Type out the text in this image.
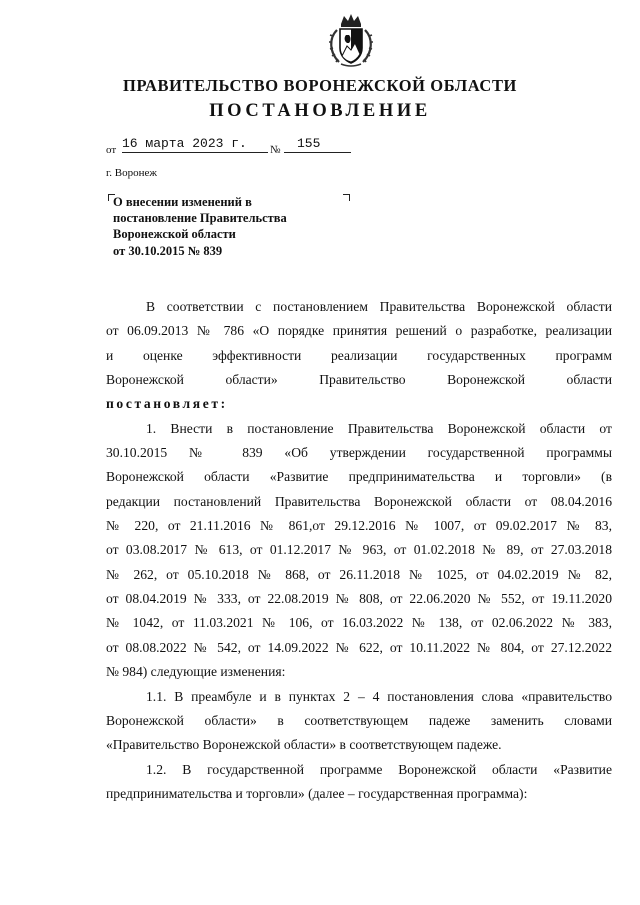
ПРАВИТЕЛЬСТВО ВОРОНЕЖСКОЙ ОБЛАСТИ
ПОСТАНОВЛЕНИЕ
от 16 марта 2023 г. № 155
г. Воронеж
О внесении изменений в
постановление Правительства
Воронежской области
от 30.10.2015 № 839

В соответствии с постановлением Правительства Воронежской области

от 06.09.2013 № 786 «О порядке принятия решений о разработке, реализации

и оценке эффективности реализации государственных программ

Воронежской области» Правительство Воронежской области

постановляет:

1. Внести в постановление Правительства Воронежской области от

30.10.2015 № 839 «Об утверждении государственной программы

Воронежской области «Развитие предпринимательства и торговли» (в

редакции постановлений Правительства Воронежской области от 08.04.2016

№ 220, от 21.11.2016 № 861,от 29.12.2016 № 1007, от 09.02.2017 № 83,

от 03.08.2017 № 613, от 01.12.2017 № 963, от 01.02.2018 № 89, от 27.03.2018

№ 262, от 05.10.2018 № 868, от 26.11.2018 № 1025, от 04.02.2019 № 82,

от 08.04.2019 № 333, от 22.08.2019 № 808, от 22.06.2020 № 552, от 19.11.2020

№ 1042, от 11.03.2021 № 106, от 16.03.2022 № 138, от 02.06.2022 № 383,

от 08.08.2022 № 542, от 14.09.2022 № 622, от 10.11.2022 № 804, от 27.12.2022

№ 984) следующие изменения:

1.1. В преамбуле и в пунктах 2 – 4 постановления слова «правительство

Воронежской области» в соответствующем падеже заменить словами

«Правительство Воронежской области» в соответствующем падеже.

1.2. В государственной программе Воронежской области «Развитие

предпринимательства и торговли» (далее – государственная программа):
